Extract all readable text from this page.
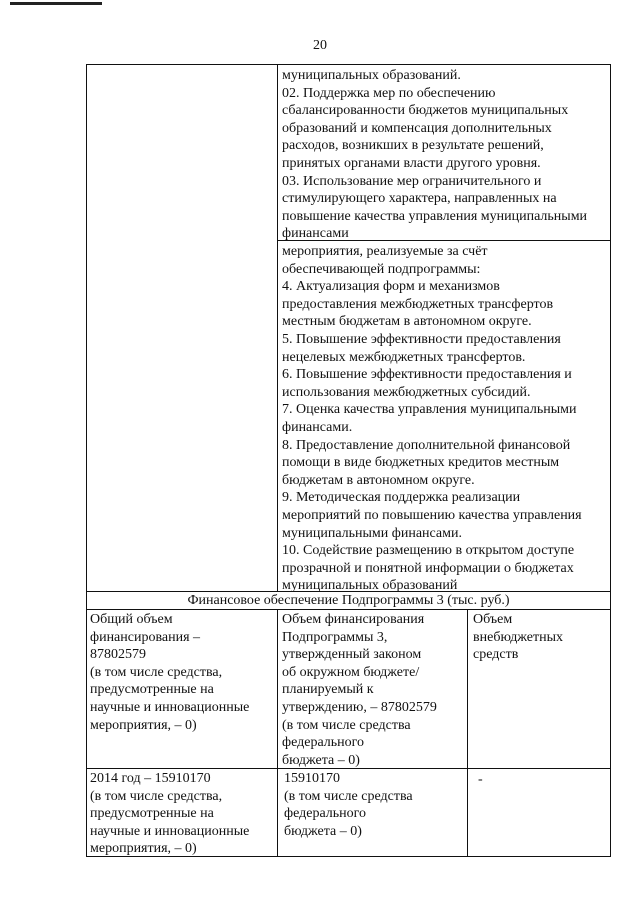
20
муниципальных образований.
02. Поддержка мер по обеспечению
сбалансированности бюджетов муниципальных
образований и компенсация дополнительных
расходов, возникших в результате решений,
принятых органами власти другого уровня.
03. Использование мер ограничительного и
стимулирующего характера, направленных на
повышение качества управления муниципальными
финансами
мероприятия, реализуемые за счёт
обеспечивающей подпрограммы:
4. Актуализация форм и механизмов
предоставления межбюджетных трансфертов
местным бюджетам в автономном округе.
5. Повышение эффективности предоставления
нецелевых межбюджетных трансфертов.
6. Повышение эффективности предоставления и
использования межбюджетных субсидий.
7. Оценка качества управления муниципальными
финансами.
8. Предоставление дополнительной финансовой
помощи в виде бюджетных кредитов местным
бюджетам в автономном округе.
9. Методическая поддержка реализации
мероприятий по повышению качества управления
муниципальными финансами.
10. Содействие размещению в открытом доступе
прозрачной и понятной информации о бюджетах
муниципальных образований
Финансовое обеспечение Подпрограммы 3 (тыс. руб.)
Общий объем
финансирования –
87802579
(в том числе средства,
предусмотренные на
научные и инновационные
мероприятия, – 0)
Объем финансирования
Подпрограммы 3,
утвержденный законом
об окружном бюджете/
планируемый к
утверждению, – 87802579
(в том числе средства
федерального
бюджета – 0)
Объем
внебюджетных
средств
2014 год – 15910170
(в том числе средства,
предусмотренные на
научные и инновационные
мероприятия, – 0)
15910170
(в том числе средства
федерального
бюджета – 0)
-
